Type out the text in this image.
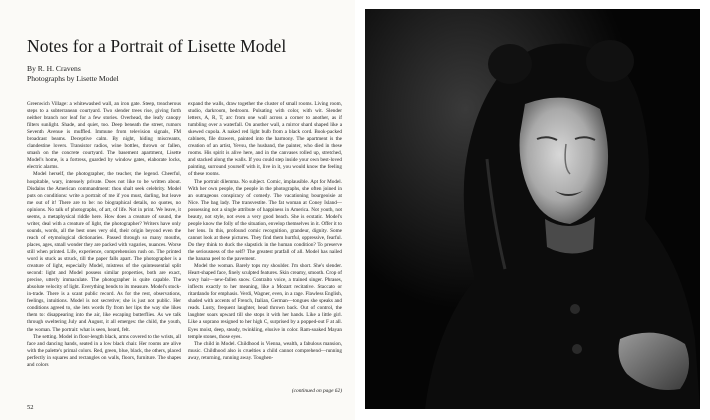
Notes for a Portrait of Lisette Model
By R. H. Cravens
Photographs by Lisette Model

Greenwich Village: a whitewashed wall, an iron gate. Steep, treacherous steps to a subterranean courtyard. Two slender trees rise, giving forth neither branch nor leaf for a few stories. Overhead, the leafy canopy filters sunlight. Shade, and quiet, too. Deep beneath the street, rumors Seventh Avenue is muffled. Immune from television signals, FM broadcast beams. Deceptive calm. By night, hiding miscreants, clandestine lovers. Transistor radios, wine bottles, thrown or fallen, smash on the concrete courtyard. The basement apartment, Lisette Model's home, is a fortress, guarded by window gates, elaborate locks, electric alarms.

Model herself, the photographer, the teacher, the legend. Cheerful, hospitable, wary, intensely private. Does not like to be written about. Disdains the American commandment: thou shalt seek celebrity. Model puts on conditions: write a portrait of me if you must, darling, but leave me out of it! There are to be: no biographical details, no quotes, no opinions. No talk of photographs, of art, of life. Not in print. We leave, it seems, a metaphysical riddle here. How does a creature of sound, the writer, deal with a creature of light, the photographer? Writers have only sounds, words, all the best ones very old, their origin beyond even the reach of etymological dictionaries. Passed through so many mouths, places, ages, small wonder they are packed with vagaries, nuances. Worse still when printed. Life, experience, comprehension rush on. The printed word is stuck as struck, till the paper falls apart. The photographer is a creature of light, especially Model, mistress of the quintessential split second: light and Model possess similar properties, both are exact, precise, utterly immaculate. The photographer is quite capable. The absolute velocity of light. Everything bends to its measure. Model's stock-in-trade. There is a scant public record. As for the rest, observations, feelings, intuitions. Model is not secretive; she is just not public. Her conditions agreed to, she lets words fly from her lips the way she likes them to: disappearing into the air, like escaping butterflies. As we talk through sweltering July and August, it all emerges: the child, the youth, the woman. The portrait: what is seen, heard, felt.

The setting. Model in floor-length black, arms covered to the wrists, all face and dancing hands, seated in a low black chair. Her rooms are alive with the palette's primal colors. Red, green, blue, black, the others, placed perfectly in squares and rectangles on walls, floors, furniture. The shapes and colors

expand the walls, draw together the cluster of small rooms. Living room, studio, darkroom, bedroom. Pulsating with color, with wit. Slender letters, A, R, T, arc from one wall across a corner to another, as if tumbling over a waterfall. On another wall, a mirror shard shaped like a skewed cupola. A naked red light bulb from a black cord. Book-packed cabinets, file drawers, painted into the harmony. The apartment is the creation of an artist, Yevsu, the husband, the painter, who died in these rooms. His spirit is alive here, and in the canvases rolled up, stretched, and stacked along the walls. If you could step inside your own best-loved painting, surround yourself with it, live in it, you would know the feeling of these rooms.

The portrait dilemma. No subject. Comic, implausible. Apt for Model. With her own people, the people in the photographs, she often joined in an outrageous conspiracy of comedy. The vacationing bourgeoisie at Nice. The bag lady. The transvestite. The fat woman at Coney Island—possessing not a single attribute of happiness in America. Not youth, not beauty, not style, not even a very good beach. She is ecstatic. Model's people know the folly of the situation, envelop themselves in it. Offer it to her lens. In this, profound comic recognition, grandeur, dignity. Some cannot look at these pictures. They find them hurtful, oppressive, fearful. Do they think to duck the slapstick in the human condition? To preserve the seriousness of the self? The greatest pratfall of all. Model has nailed the banana peel to the pavement.

Model the woman. Barely tops my shoulder. I'm short. She's slender. Heart-shaped face, finely sculpted features. Skin creamy, smooth. Crop of wavy hair—new-fallen snow. Contralto voice, a trained singer. Phrases, inflects exactly to her meaning, like a Mozart recitative. Staccato or ritardando for emphasis. Verdi, Wagner, even, in a rage. Flawless English, shaded with accents of French, Italian, German—tongues she speaks and reads. Lusty, frequent laughter, head thrown back. Out of control, the laughter soars upward till she stops it with her hands. Like a little girl. Like a soprano resigned to her high C, surprised by a popped-out F at all. Eyes moist, deep, steady, twinkling, elusive in color. Ram-soaked Mayan temple stones, those eyes.

The child in Model. Childhood is Vienna, wealth, a fabulous mansion, music. Childhood also is cruelties a child cannot comprehend—running away, returning, running away. Toughen-

(continued on page 62)
52
